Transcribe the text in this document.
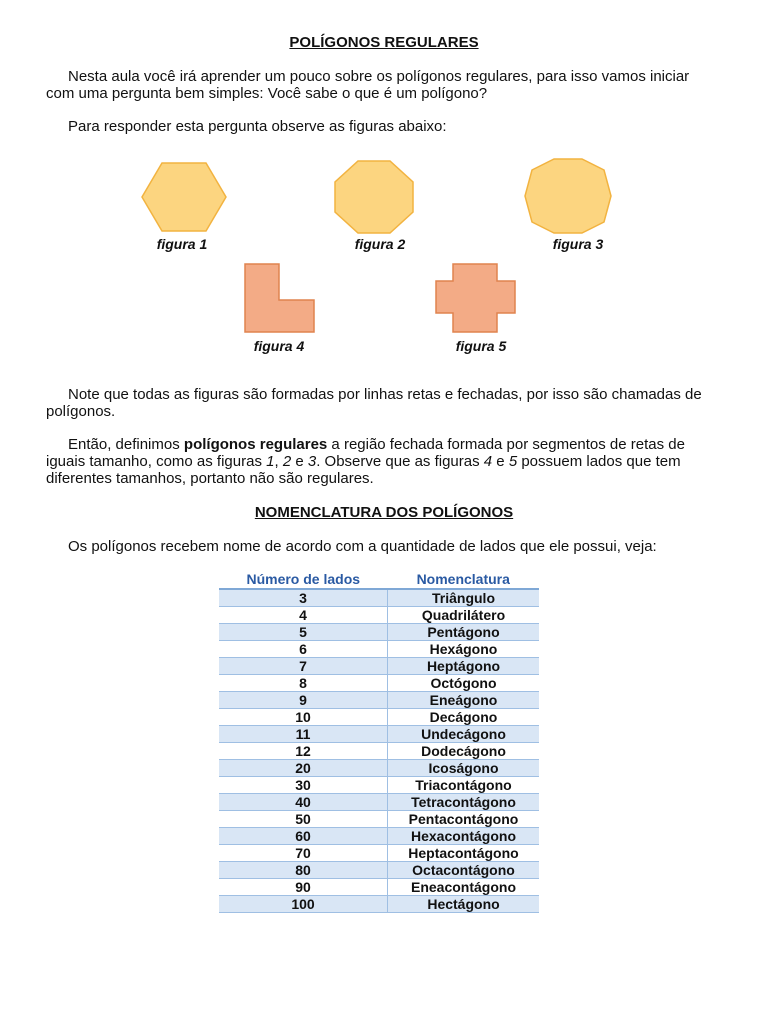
POLÍGONOS REGULARES
Nesta aula você irá aprender um pouco sobre os polígonos regulares, para isso vamos iniciar com uma pergunta bem simples: Você sabe o que é um polígono?
Para responder esta pergunta observe as figuras abaixo:
figura 1	figura 2	figura 3
figura 4	figura 5
Note que todas as figuras são formadas por linhas retas e fechadas, por isso são chamadas de polígonos.
Então, definimos polígonos regulares a região fechada formada por segmentos de retas de iguais tamanho, como as figuras 1, 2 e 3. Observe que as figuras 4 e 5 possuem lados que tem diferentes tamanhos, portanto não são regulares.
NOMENCLATURA DOS POLÍGONOS
Os polígonos recebem nome de acordo com a quantidade de lados que ele possui, veja:
Número de lados	Nomenclatura
3	Triângulo
4	Quadrilátero
5	Pentágono
6	Hexágono
7	Heptágono
8	Octógono
9	Eneágono
10	Decágono
11	Undecágono
12	Dodecágono
20	Icoságono
30	Triacontágono
40	Tetracontágono
50	Pentacontágono
60	Hexacontágono
70	Heptacontágono
80	Octacontágono
90	Eneacontágono
100	Hectágono
